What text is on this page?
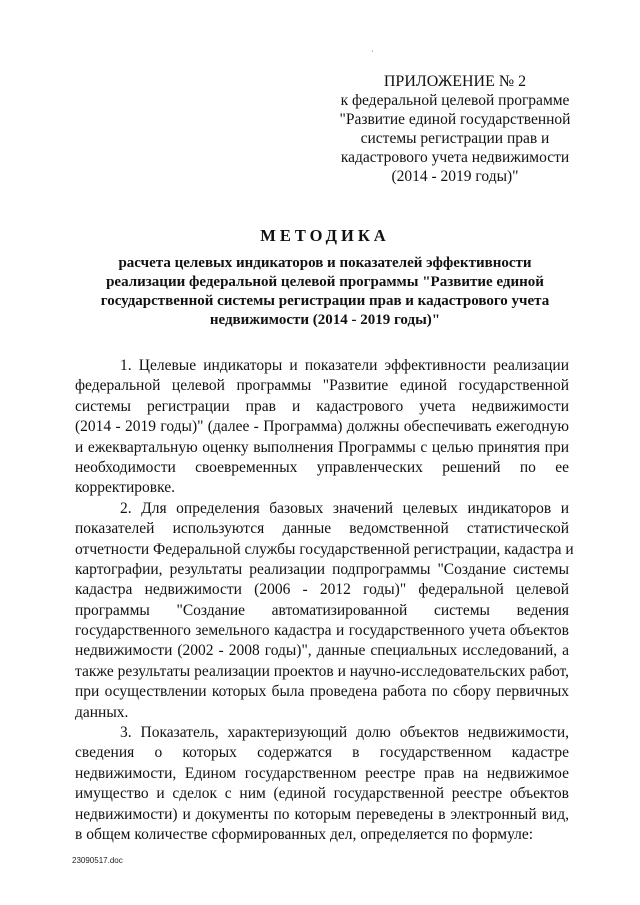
·
ПРИЛОЖЕНИЕ № 2
к федеральной целевой программе
"Развитие единой государственной
системы регистрации прав и
кадастрового учета недвижимости
(2014 - 2019 годы)"
МЕТОДИКА
расчета целевых индикаторов и показателей эффективности
реализации федеральной целевой программы "Развитие единой
государственной системы регистрации прав и кадастрового учета
недвижимости (2014 - 2019 годы)"
1. Целевые индикаторы и показатели эффективности реализации
федеральной целевой программы "Развитие единой государственной
системы регистрации прав и кадастрового учета недвижимости
(2014 - 2019 годы)" (далее - Программа) должны обеспечивать ежегодную
и ежеквартальную оценку выполнения Программы с целью принятия при
необходимости своевременных управленческих решений по ее
корректировке.
2. Для определения базовых значений целевых индикаторов и
показателей используются данные ведомственной статистической
отчетности Федеральной службы государственной регистрации, кадастра и
картографии, результаты реализации подпрограммы "Создание системы
кадастра недвижимости (2006 - 2012 годы)" федеральной целевой
программы "Создание автоматизированной системы ведения
государственного земельного кадастра и государственного учета объектов
недвижимости (2002 - 2008 годы)", данные специальных исследований, а
также результаты реализации проектов и научно-исследовательских работ,
при осуществлении которых была проведена работа по сбору первичных
данных.
3. Показатель, характеризующий долю объектов недвижимости,
сведения о которых содержатся в государственном кадастре
недвижимости, Едином государственном реестре прав на недвижимое
имущество и сделок с ним (единой государственной реестре объектов
недвижимости) и документы по которым переведены в электронный вид,
в общем количестве сформированных дел, определяется по формуле:
23090517.doc
